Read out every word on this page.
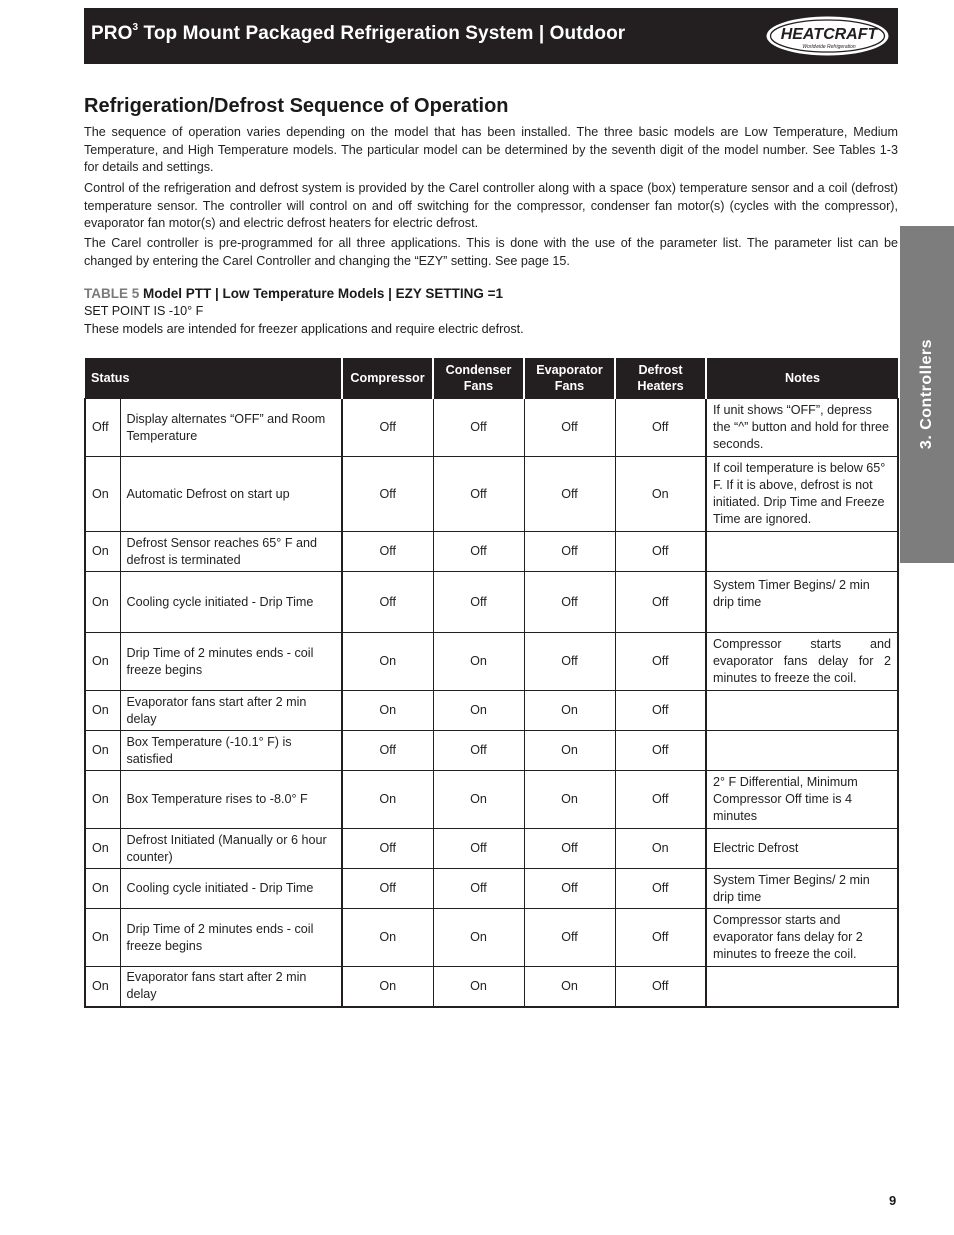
PRO$^3$ Top Mount Packaged Refrigeration System | Outdoor	HEATCRAFT
Worldwide Refrigeration
Refrigeration/Defrost Sequence of Operation
The sequence of operation varies depending on the model that has been installed. The three basic models are Low Temperature, Medium Temperature, and High Temperature models. The particular model can be determined by the seventh digit of the model number. See Tables 1-3 for details and settings.
Control of the refrigeration and defrost system is provided by the Carel controller along with a space (box) temperature sensor and a coil (defrost) temperature sensor. The controller will control on and off switching for the compressor, condenser fan motor(s) (cycles with the compressor), evaporator fan motor(s) and electric defrost heaters for electric defrost.
The Carel controller is pre-programmed for all three applications. This is done with the use of the parameter list. The parameter list can be changed by entering the Carel Controller and changing the “EZY” setting. See page 15.
3. Controllers
TABLE 5 Model PTT | Low Temperature Models | EZY SETTING =1
SET POINT IS -10° F
These models are intended for freezer applications and require electric defrost.
Status		Compressor	Condenser Fans	Evaporator Fans	Defrost Heaters	Notes
Off	Display alternates “OFF” and Room Temperature	Off	Off	Off	Off	If unit shows “OFF”, depress the “^” button and hold for three seconds.
On	Automatic Defrost on start up	Off	Off	Off	On	If coil temperature is below 65° F. If it is above, defrost is not initiated. Drip Time and Freeze Time are ignored.
On	Defrost Sensor reaches 65° F and defrost is terminated	Off	Off	Off	Off	
On	Cooling cycle initiated - Drip Time	Off	Off	Off	Off	System Timer Begins/ 2 min drip time
On	Drip Time of 2 minutes ends - coil freeze begins	On	On	Off	Off	Compressor starts and evaporator fans delay for 2 minutes to freeze the coil.
On	Evaporator fans start after 2 min delay	On	On	On	Off	
On	Box Temperature (-10.1° F) is satisfied	Off	Off	On	Off	
On	Box Temperature rises to -8.0° F	On	On	On	Off	2° F Differential, Minimum Compressor Off time is 4 minutes
On	Defrost Initiated (Manually or 6 hour counter)	Off	Off	Off	On	Electric Defrost
On	Cooling cycle initiated - Drip Time	Off	Off	Off	Off	System Timer Begins/ 2 min drip time
On	Drip Time of 2 minutes ends - coil freeze begins	On	On	Off	Off	Compressor starts and evaporator fans delay for 2 minutes to freeze the coil.
On	Evaporator fans start after 2 min delay	On	On	On	Off	
9
